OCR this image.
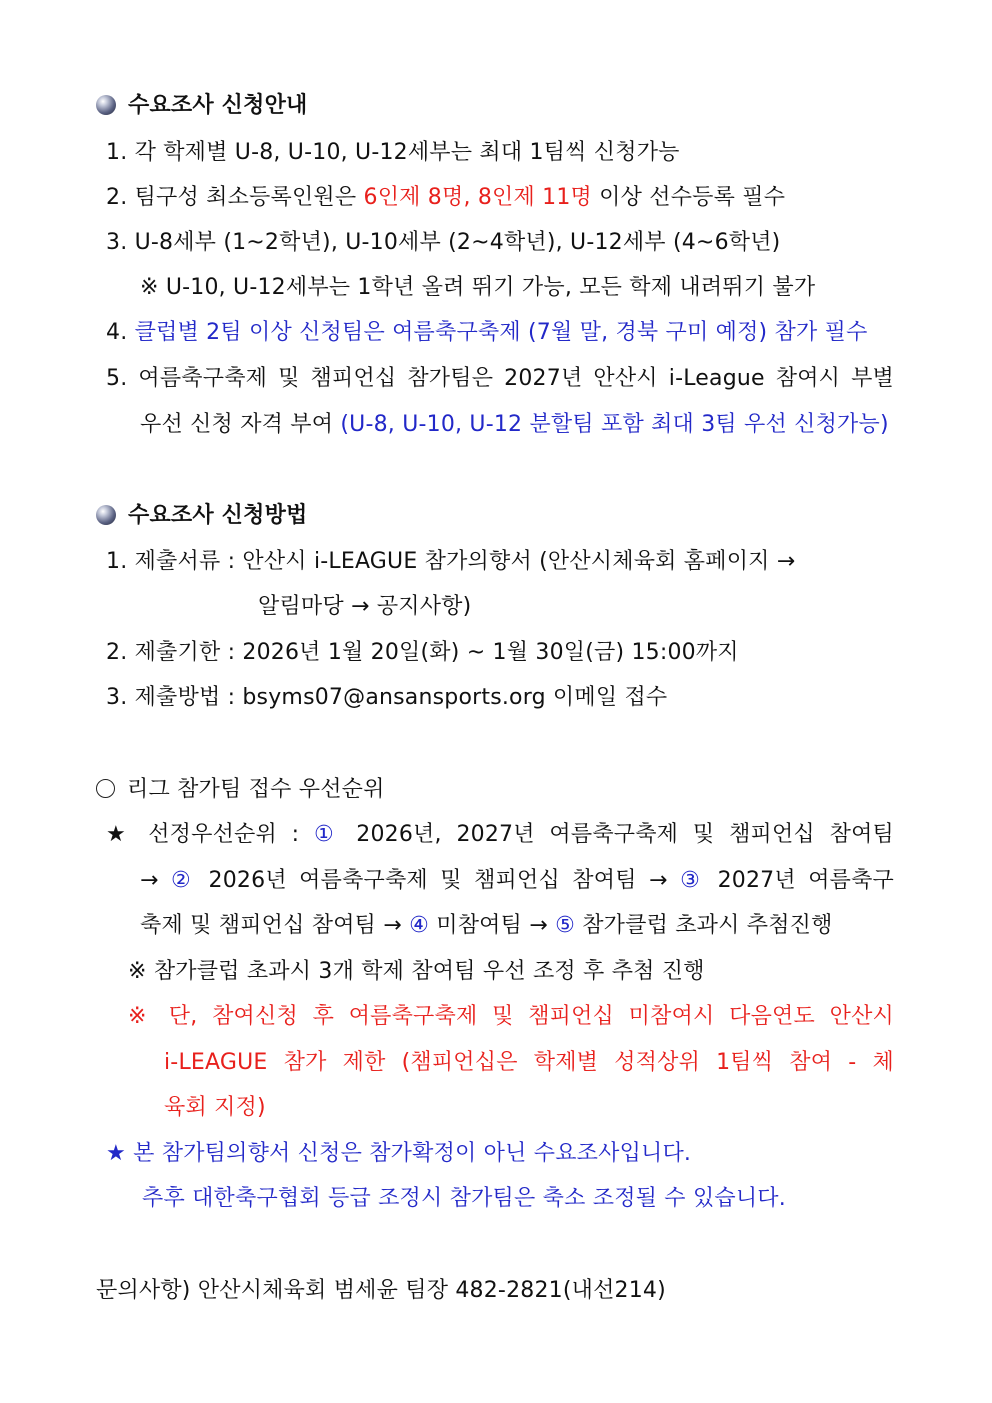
수요조사 신청안내
1. 각 학제별 U-8, U-10, U-12세부는 최대 1팀씩 신청가능
2. 팀구성 최소등록인원은 6인제 8명, 8인제 11명 이상 선수등록 필수
3. U-8세부 (1~2학년), U-10세부 (2~4학년), U-12세부 (4~6학년)
※ U-10, U-12세부는 1학년 올려 뛰기 가능, 모든 학제 내려뛰기 불가
4. 클럽별 2팀 이상 신청팀은 여름축구축제 (7월 말, 경북 구미 예정) 참가 필수
5. 여름축구축제 및 챔피언십 참가팀은 2027년 안산시 i-League 참여시 부별
우선 신청 자격 부여 (U-8, U-10, U-12 분할팀 포함 최대 3팀 우선 신청가능)
수요조사 신청방법
1. 제출서류 : 안산시 i-LEAGUE 참가의향서 (안산시체육회 홈페이지 →
알림마당 → 공지사항)
2. 제출기한 : 2026년 1월 20일(화) ~ 1월 30일(금) 15:00까지
3. 제출방법 : bsyms07@ansansports.org 이메일 접수
리그 참가팀 접수 우선순위
★ 선정우선순위 : ① 2026년, 2027년 여름축구축제 및 챔피언십 참여팀
→ ② 2026년 여름축구축제 및 챔피언십 참여팀 → ③ 2027년 여름축구
축제 및 챔피언십 참여팀 → ④ 미참여팀 → ⑤ 참가클럽 초과시 추첨진행
※ 참가클럽 초과시 3개 학제 참여팀 우선 조정 후 추첨 진행
※ 단, 참여신청 후 여름축구축제 및 챔피언십 미참여시 다음연도 안산시
i-LEAGUE 참가 제한 (챔피언십은 학제별 성적상위 1팀씩 참여 - 체
육회 지정)
★ 본 참가팀의향서 신청은 참가확정이 아닌 수요조사입니다.
추후 대한축구협회 등급 조정시 참가팀은 축소 조정될 수 있습니다.
문의사항) 안산시체육회 범세윤 팀장 482-2821(내선214)
